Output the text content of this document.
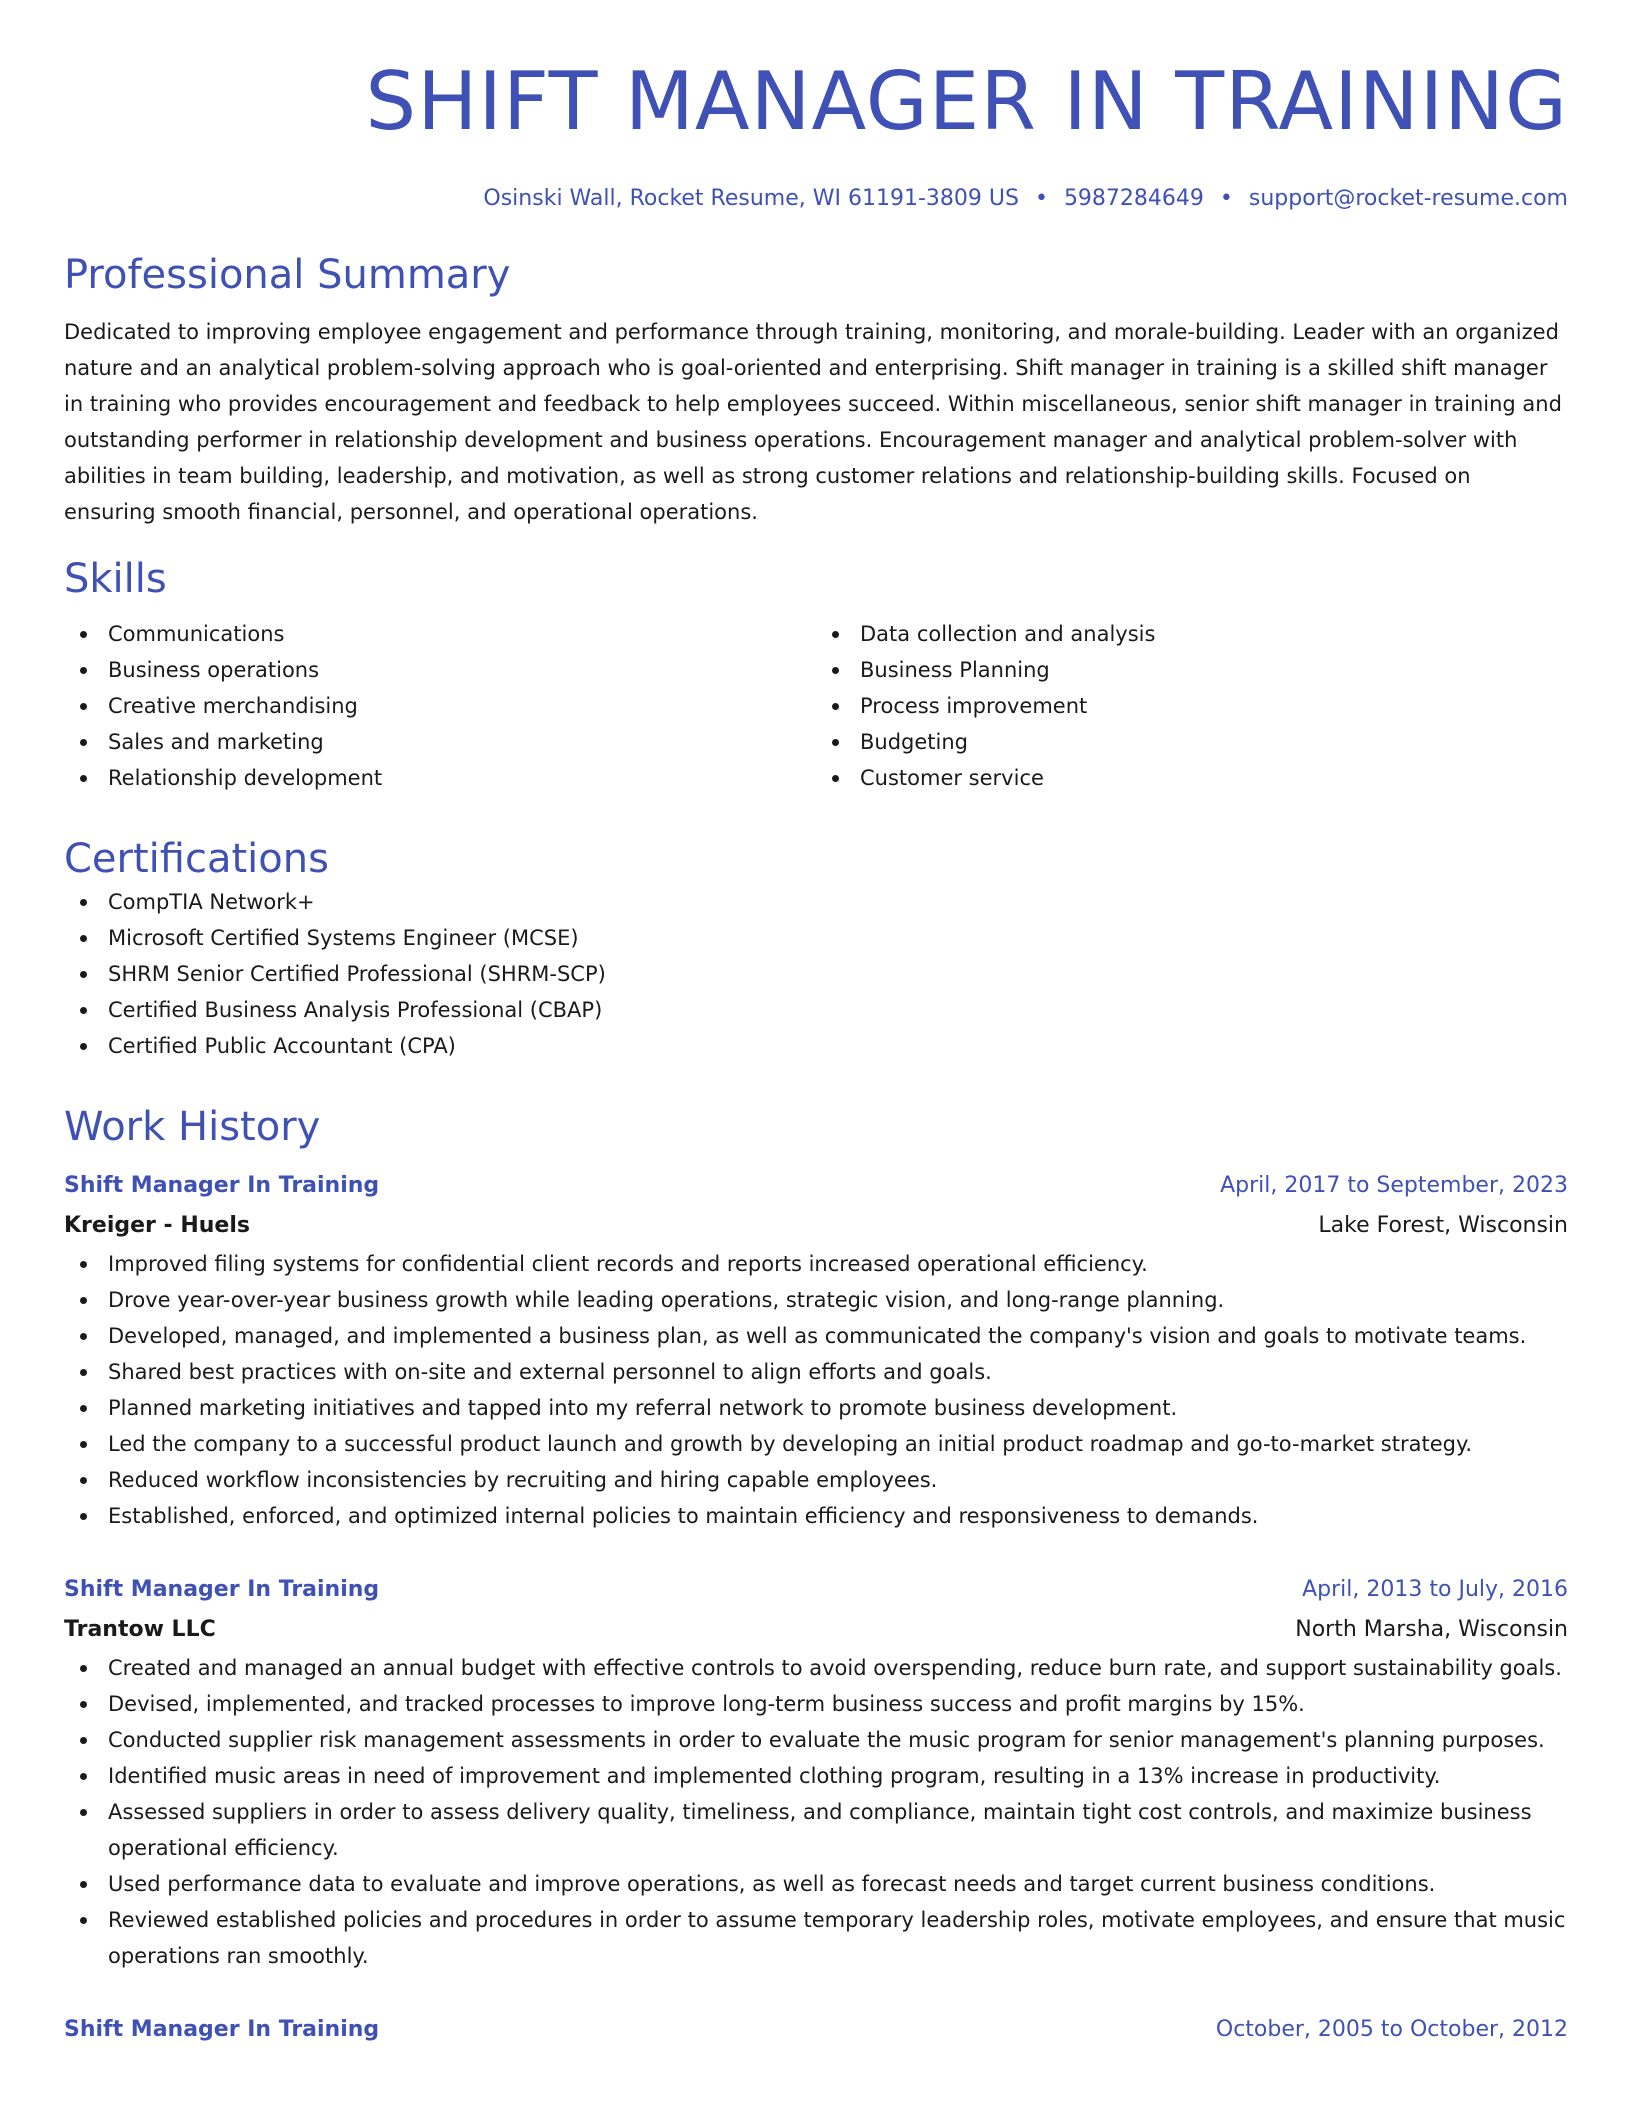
SHIFT MANAGER IN TRAINING
Osinski Wall, Rocket Resume, WI 61191-3809 US • 5987284649 • support@rocket-resume.com
Professional Summary
Dedicated to improving employee engagement and performance through training, monitoring, and morale-building. Leader with an organized nature and an analytical problem-solving approach who is goal-oriented and enterprising. Shift manager in training is a skilled shift manager in training who provides encouragement and feedback to help employees succeed. Within miscellaneous, senior shift manager in training and outstanding performer in relationship development and business operations. Encouragement manager and analytical problem-solver with abilities in team building, leadership, and motivation, as well as strong customer relations and relationship-building skills. Focused on ensuring smooth financial, personnel, and operational operations.
Skills
Communications
Business operations
Creative merchandising
Sales and marketing
Relationship development
Data collection and analysis
Business Planning
Process improvement
Budgeting
Customer service
Certifications
CompTIA Network+
Microsoft Certified Systems Engineer (MCSE)
SHRM Senior Certified Professional (SHRM-SCP)
Certified Business Analysis Professional (CBAP)
Certified Public Accountant (CPA)
Work History
Shift Manager In Training	April, 2017 to September, 2023
Kreiger - Huels	Lake Forest, Wisconsin
Improved filing systems for confidential client records and reports increased operational efficiency.
Drove year-over-year business growth while leading operations, strategic vision, and long-range planning.
Developed, managed, and implemented a business plan, as well as communicated the company's vision and goals to motivate teams.
Shared best practices with on-site and external personnel to align efforts and goals.
Planned marketing initiatives and tapped into my referral network to promote business development.
Led the company to a successful product launch and growth by developing an initial product roadmap and go-to-market strategy.
Reduced workflow inconsistencies by recruiting and hiring capable employees.
Established, enforced, and optimized internal policies to maintain efficiency and responsiveness to demands.
Shift Manager In Training	April, 2013 to July, 2016
Trantow LLC	North Marsha, Wisconsin
Created and managed an annual budget with effective controls to avoid overspending, reduce burn rate, and support sustainability goals.
Devised, implemented, and tracked processes to improve long-term business success and profit margins by 15%.
Conducted supplier risk management assessments in order to evaluate the music program for senior management's planning purposes.
Identified music areas in need of improvement and implemented clothing program, resulting in a 13% increase in productivity.
Assessed suppliers in order to assess delivery quality, timeliness, and compliance, maintain tight cost controls, and maximize business operational efficiency.
Used performance data to evaluate and improve operations, as well as forecast needs and target current business conditions.
Reviewed established policies and procedures in order to assume temporary leadership roles, motivate employees, and ensure that music operations ran smoothly.
Shift Manager In Training	October, 2005 to October, 2012
